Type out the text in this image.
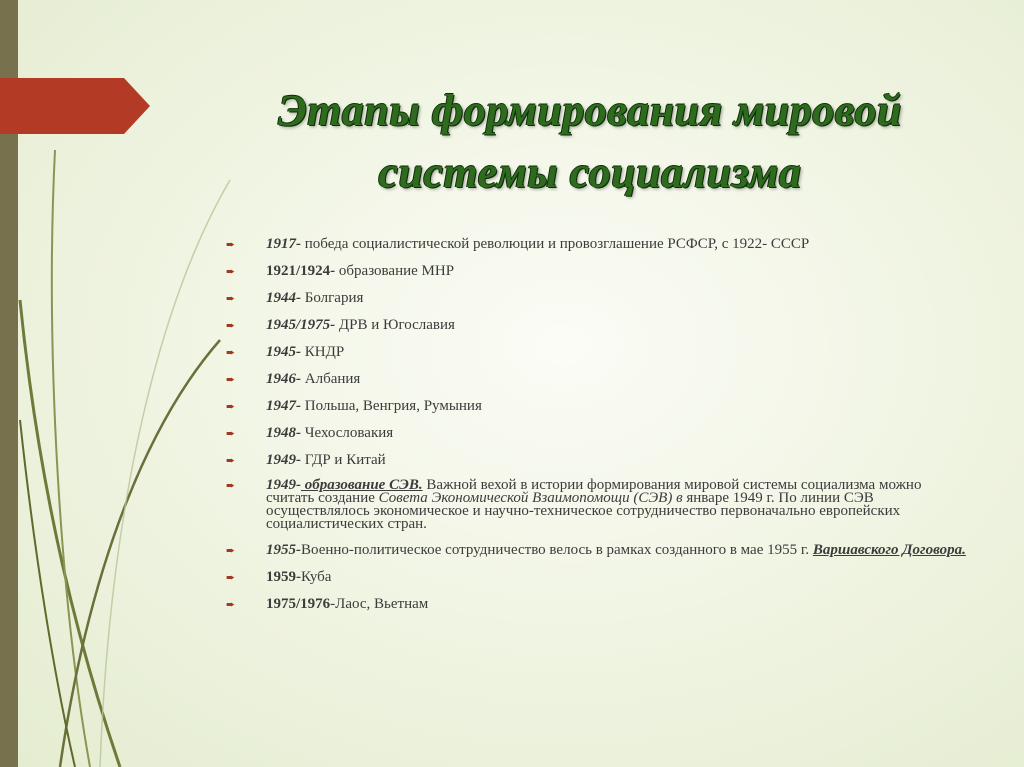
Этапы формирования мировой
системы социализма
➨ 1917- победа социалистической революции и провозглашение РСФСР, с 1922- СССР
➨ 1921/1924- образование МНР
➨ 1944- Болгария
➨ 1945/1975- ДРВ и Югославия
➨ 1945- КНДР
➨ 1946- Албания
➨ 1947- Польша, Венгрия, Румыния
➨ 1948- Чехословакия
➨ 1949- ГДР и Китай
➨ 1949- образование СЭВ. Важной вехой в истории формирования мировой системы социализма можно считать создание Совета Экономической Взаимопомощи (СЭВ) в январе 1949 г. По линии СЭВ осуществлялось экономическое и научно-техническое сотрудничество первоначально европейских социалистических стран.
➨ 1955-Военно-политическое сотрудничество велось в рамках созданного в мае 1955 г. Варшавского Договора.
➨ 1959-Куба
➨ 1975/1976-Лаос, Вьетнам
